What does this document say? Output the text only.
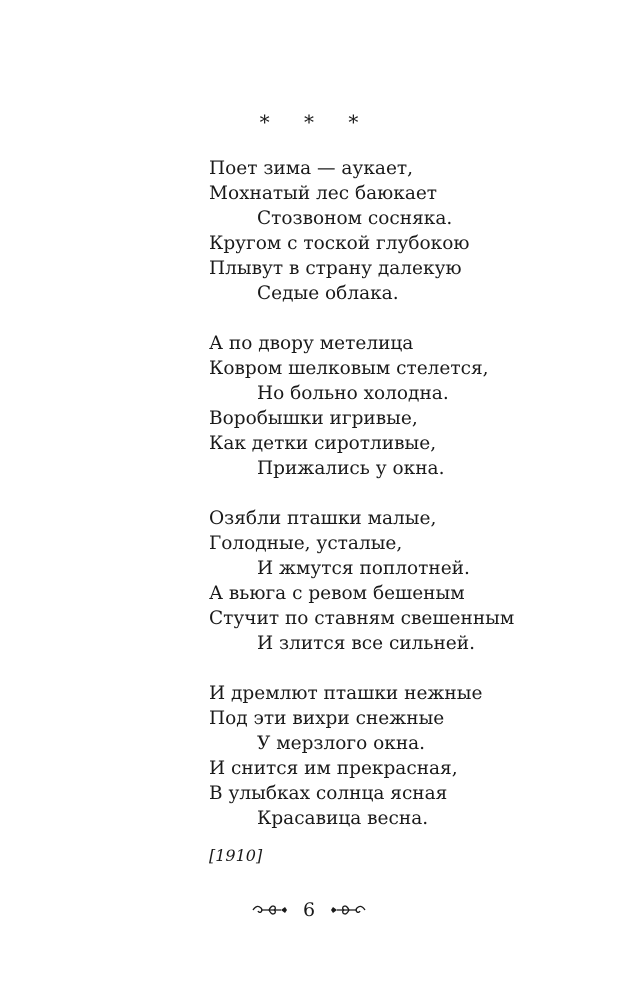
* * *
Поет зима — аукает,
Мохнатый лес баюкает
Стозвоном сосняка.
Кругом с тоской глубокою
Плывут в страну далекую
Седые облака.
А по двору метелица
Ковром шелковым стелется,
Но больно холодна.
Воробышки игривые,
Как детки сиротливые,
Прижались у окна.
Озябли пташки малые,
Голодные, усталые,
И жмутся поплотней.
А вьюга с ревом бешеным
Стучит по ставням свешенным
И злится все сильней.
И дремлют пташки нежные
Под эти вихри снежные
У мерзлого окна.
И снится им прекрасная,
В улыбках солнца ясная
Красавица весна.
[1910]
6
